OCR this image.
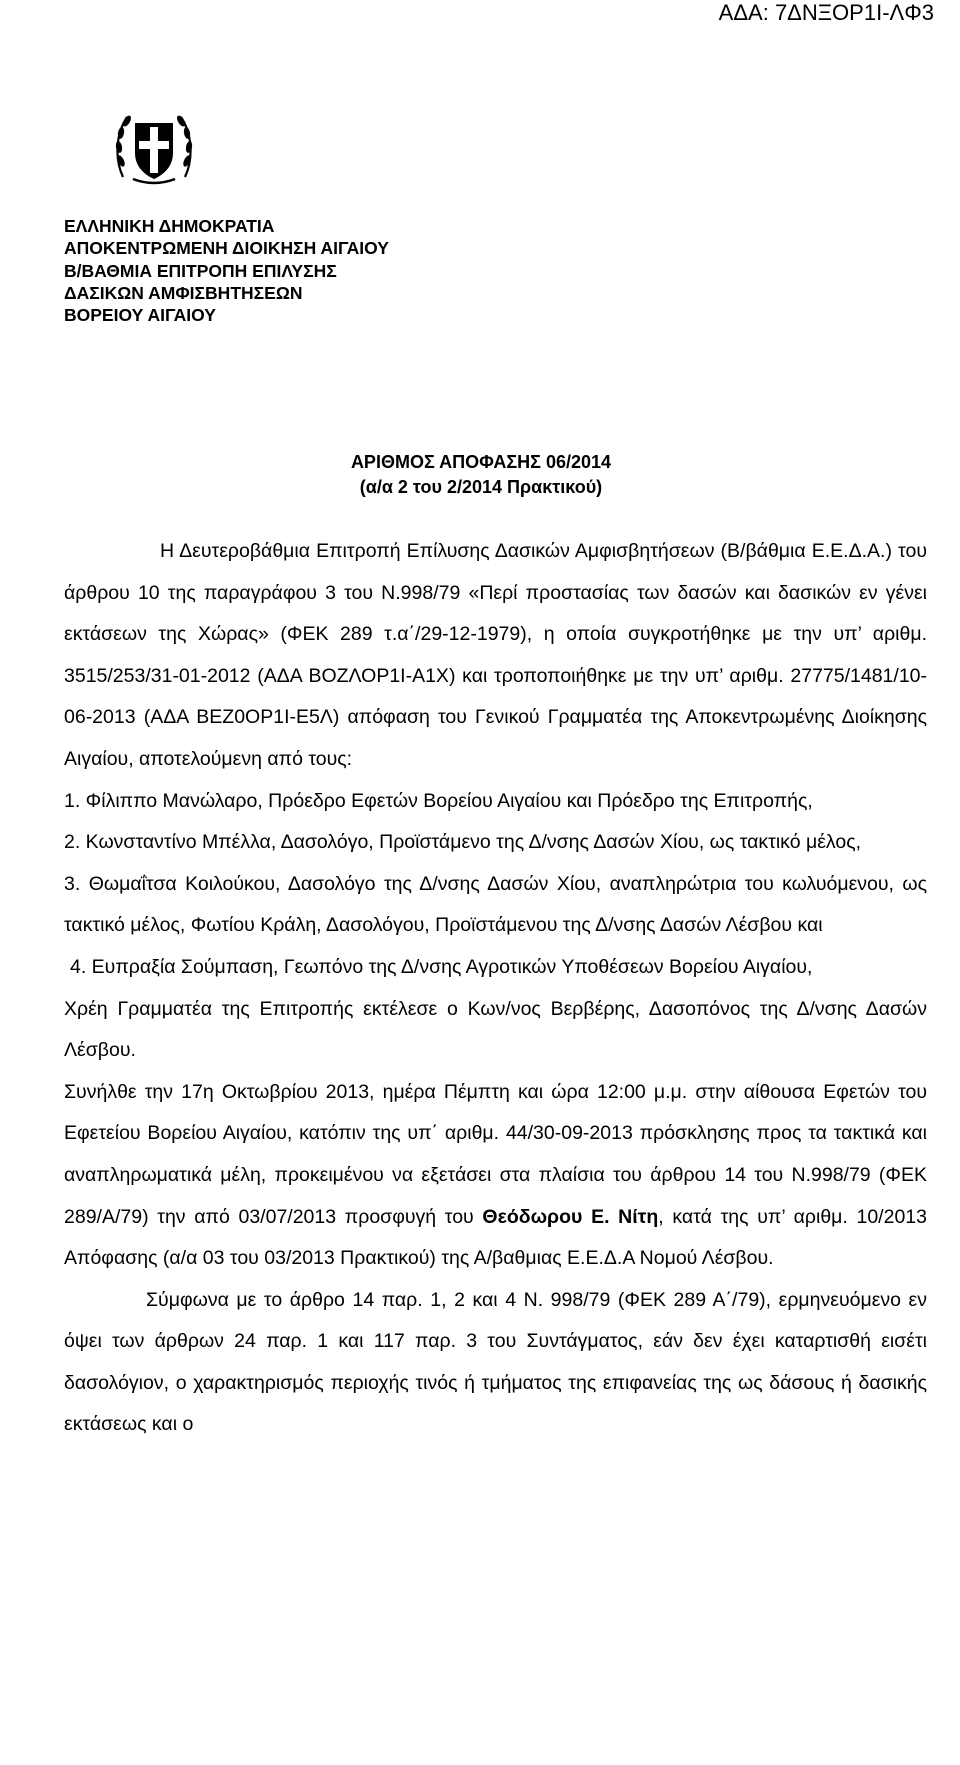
ΑΔΑ: 7ΔΝΞΟΡ1Ι-ΛΦ3
ΕΛΛΗΝΙΚΗ ΔΗΜΟΚΡΑΤΙΑ
ΑΠΟΚΕΝΤΡΩΜΕΝΗ ΔΙΟΙΚΗΣΗ ΑΙΓΑΙΟΥ
Β/ΒΑΘΜΙΑ ΕΠΙΤΡΟΠΗ ΕΠΙΛΥΣΗΣ
ΔΑΣΙΚΩΝ ΑΜΦΙΣΒΗΤΗΣΕΩΝ
ΒΟΡΕΙΟΥ ΑΙΓΑΙΟΥ
ΑΡΙΘΜΟΣ ΑΠΟΦΑΣΗΣ 06/2014
(α/α 2 του 2/2014 Πρακτικού)

Η Δευτεροβάθμια Επιτροπή Επίλυσης Δασικών Αμφισβητήσεων (Β/βάθμια Ε.Ε.Δ.Α.) του άρθρου 10 της παραγράφου 3 του Ν.998/79 «Περί προστασίας των δασών και δασικών εν γένει εκτάσεων της Χώρας» (ΦΕΚ 289 τ.α΄/29-12-1979), η οποία συγκροτήθηκε με την υπ’ αριθμ. 3515/253/31-01-2012 (ΑΔΑ ΒΟΖΛΟΡ1Ι-Α1Χ) και τροποποιήθηκε με την υπ’ αριθμ. 27775/1481/10-06-2013 (ΑΔΑ ΒΕΖ0ΟΡ1Ι-Ε5Λ) απόφαση του Γενικού Γραμματέα της Αποκεντρωμένης Διοίκησης Αιγαίου, αποτελούμενη από τους:

1. Φίλιππο Μανώλαρο, Πρόεδρο Εφετών Βορείου Αιγαίου και Πρόεδρο της Επιτροπής,

2. Κωνσταντίνο Μπέλλα, Δασολόγο, Προϊστάμενο της Δ/νσης Δασών Χίου, ως τακτικό μέλος,

3. Θωμαΐτσα Κοιλούκου, Δασολόγο της Δ/νσης Δασών Χίου, αναπληρώτρια του κωλυόμενου, ως τακτικό μέλος, Φωτίου Κράλη, Δασολόγου, Προϊστάμενου της Δ/νσης Δασών Λέσβου και

4. Ευπραξία Σούμπαση, Γεωπόνο της Δ/νσης Αγροτικών Υποθέσεων Βορείου Αιγαίου,

Χρέη Γραμματέα της Επιτροπής εκτέλεσε ο Κων/νος Βερβέρης, Δασοπόνος της Δ/νσης Δασών Λέσβου.

Συνήλθε την 17η Οκτωβρίου 2013, ημέρα Πέμπτη και ώρα 12:00 μ.μ. στην αίθουσα Εφετών του Εφετείου Βορείου Αιγαίου, κατόπιν της υπ΄ αριθμ. 44/30-09-2013 πρόσκλησης προς τα τακτικά και αναπληρωματικά μέλη, προκειμένου να εξετάσει στα πλαίσια του άρθρου 14 του Ν.998/79 (ΦΕΚ 289/Α/79) την από 03/07/2013 προσφυγή του Θεόδωρου Ε. Νίτη, κατά της υπ’ αριθμ. 10/2013 Απόφασης (α/α 03 του 03/2013 Πρακτικού) της Α/βαθμιας Ε.Ε.Δ.Α Νομού Λέσβου.

Σύμφωνα με το άρθρο 14 παρ. 1, 2 και 4 Ν. 998/79 (ΦΕΚ 289 Α΄/79), ερμηνευόμενο εν όψει των άρθρων 24 παρ. 1 και 117 παρ. 3 του Συντάγματος, εάν δεν έχει καταρτισθή εισέτι δασολόγιον, ο χαρακτηρισμός περιοχής τινός ή τμήματος της επιφανείας της ως δάσους ή δασικής εκτάσεως και ο
